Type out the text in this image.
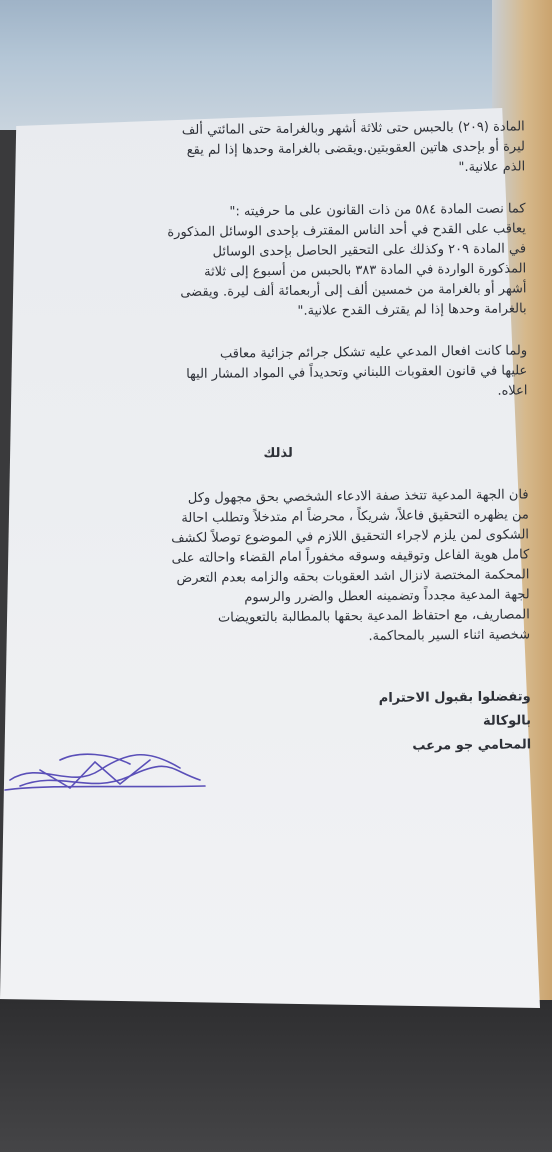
المادة (٢٠٩) بالحبس حتى ثلاثة أشهر وبالغرامة حتى المائتي ألف

ليرة أو بإحدى هاتين العقوبتين.ويقضى بالغرامة وحدها إذا لم يقع

الذم علانية."

كما نصت المادة ٥٨٤ من ذات القانون على ما حرفيته :"

يعاقب على القدح في أحد الناس المقترف بإحدى الوسائل المذكورة

في المادة ٢٠٩ وكذلك على التحقير الحاصل بإحدى الوسائل

المذكورة الواردة في المادة ٣٨٣ بالحبس من أسبوع إلى ثلاثة

أشهر أو بالغرامة من خمسين ألف إلى أربعمائة ألف ليرة. ويقضى

بالغرامة وحدها إذا لم يقترف القدح علانية."

ولما كانت افعال المدعي عليه تشكل جرائم جزائية معاقب

عليها في قانون العقوبات اللبناني وتحديداً في المواد المشار اليها

اعلاه.

لذلك

فان الجهة المدعية تتخذ صفة الادعاء الشخصي بحق مجهول وكل

من يظهره التحقيق فاعلاً، شريكاً ، محرضاً ام متدخلاً وتطلب احالة

الشكوى لمن يلزم لاجراء التحقيق اللازم في الموضوع توصلاً لكشف

كامل هوية الفاعل وتوقيفه وسوقه مخفوراً امام القضاء واحالته على

المحكمة المختصة لانزال اشد العقوبات بحقه والزامه بعدم التعرض

لجهة المدعية مجدداً وتضمينه العطل والضرر والرسوم

المصاريف، مع احتفاظ المدعية بحقها بالمطالبة بالتعويضات

شخصية اثناء السير بالمحاكمة.

وتفضلوا بقبول الاحترام

بالوكالة

المحامي جو مرعب
